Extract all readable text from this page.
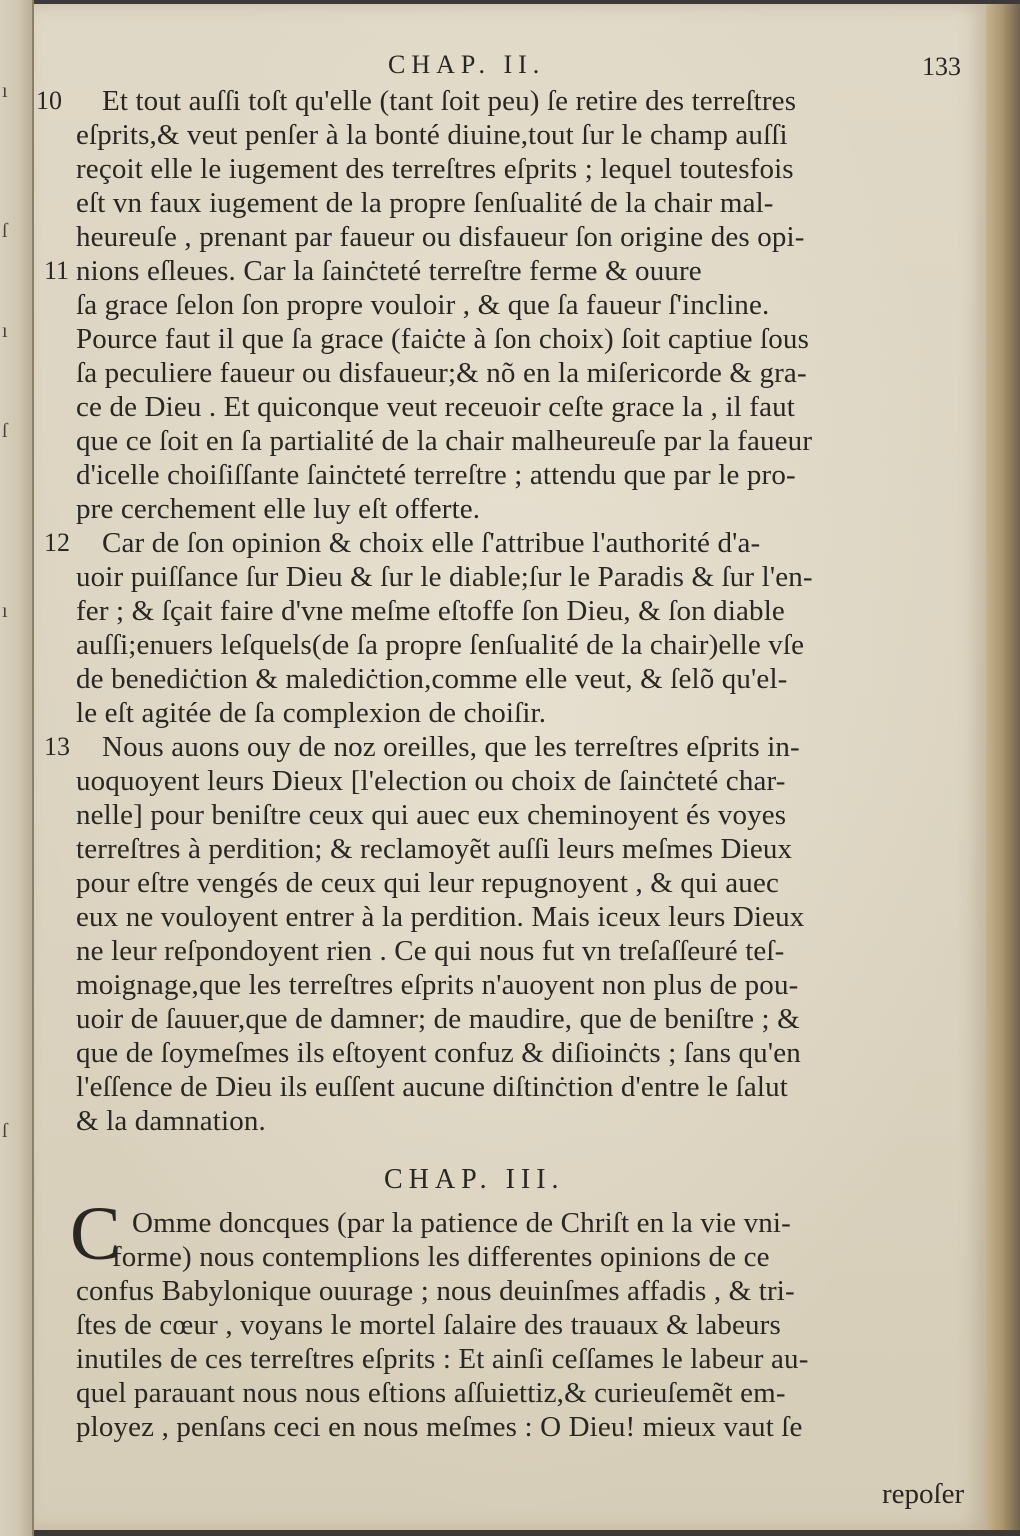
ı
ſ
ı
ſ
ı
ſ
CHAP. II.	133
10
11
12
13
Et tout auſſi toſt qu'elle (tant ſoit peu) ſe retire des terreſtres
eſprits,& veut penſer à la bonté diuine,tout ſur le champ auſſi
reçoit elle le iugement des terreſtres eſprits ; lequel toutesfois
eſt vn faux iugement de la propre ſenſualité de la chair mal-
heureuſe , prenant par faueur ou disfaueur ſon origine des opi-
nions eſleues. Car la ſainċteté terreſtre ferme & ouure
ſa grace ſelon ſon propre vouloir , & que ſa faueur ſ'incline.
Pource faut il que ſa grace (faiċte à ſon choix) ſoit captiue ſous
ſa peculiere faueur ou disfaueur;& nõ en la miſericorde & gra-
ce de Dieu . Et quiconque veut receuoir ceſte grace la , il faut
que ce ſoit en ſa partialité de la chair malheureuſe par la faueur
d'icelle choiſiſſante ſainċteté terreſtre ; attendu que par le pro-
pre cerchement elle luy eſt offerte.
Car de ſon opinion & choix elle ſ'attribue l'authorité d'a-
uoir puiſſance ſur Dieu & ſur le diable;ſur le Paradis & ſur l'en-
fer ; & ſçait faire d'vne meſme eſtoffe ſon Dieu, & ſon diable
auſſi;enuers leſquels(de ſa propre ſenſualité de la chair)elle vſe
de benediċtion & malediċtion,comme elle veut, & ſelõ qu'el-
le eſt agitée de ſa complexion de choiſir.
Nous auons ouy de noz oreilles, que les terreſtres eſprits in-
uoquoyent leurs Dieux [l'election ou choix de ſainċteté char-
nelle] pour beniſtre ceux qui auec eux cheminoyent és voyes
terreſtres à perdition; & reclamoyẽt auſſi leurs meſmes Dieux
pour eſtre vengés de ceux qui leur repugnoyent , & qui auec
eux ne vouloyent entrer à la perdition. Mais iceux leurs Dieux
ne leur reſpondoyent rien . Ce qui nous fut vn treſaſſeuré teſ-
moignage,que les terreſtres eſprits n'auoyent non plus de pou-
uoir de ſauuer,que de damner; de maudire, que de beniſtre ; &
que de ſoymeſmes ils eſtoyent confuz & diſioinċts ; ſans qu'en
l'eſſence de Dieu ils euſſent aucune diſtinċtion d'entre le ſalut
& la damnation.
CHAP. III.
C Omme doncques (par la patience de Chriſt en la vie vni-
forme) nous contemplions les differentes opinions de ce
confus Babylonique ouurage ; nous deuinſmes affadis , & tri-
ſtes de cœur , voyans le mortel ſalaire des trauaux & labeurs
inutiles de ces terreſtres eſprits : Et ainſi ceſſames le labeur au-
quel parauant nous nous eſtions aſſuiettiz,& curieuſemẽt em-
ployez , penſans ceci en nous meſmes : O Dieu! mieux vaut ſe
repoſer
